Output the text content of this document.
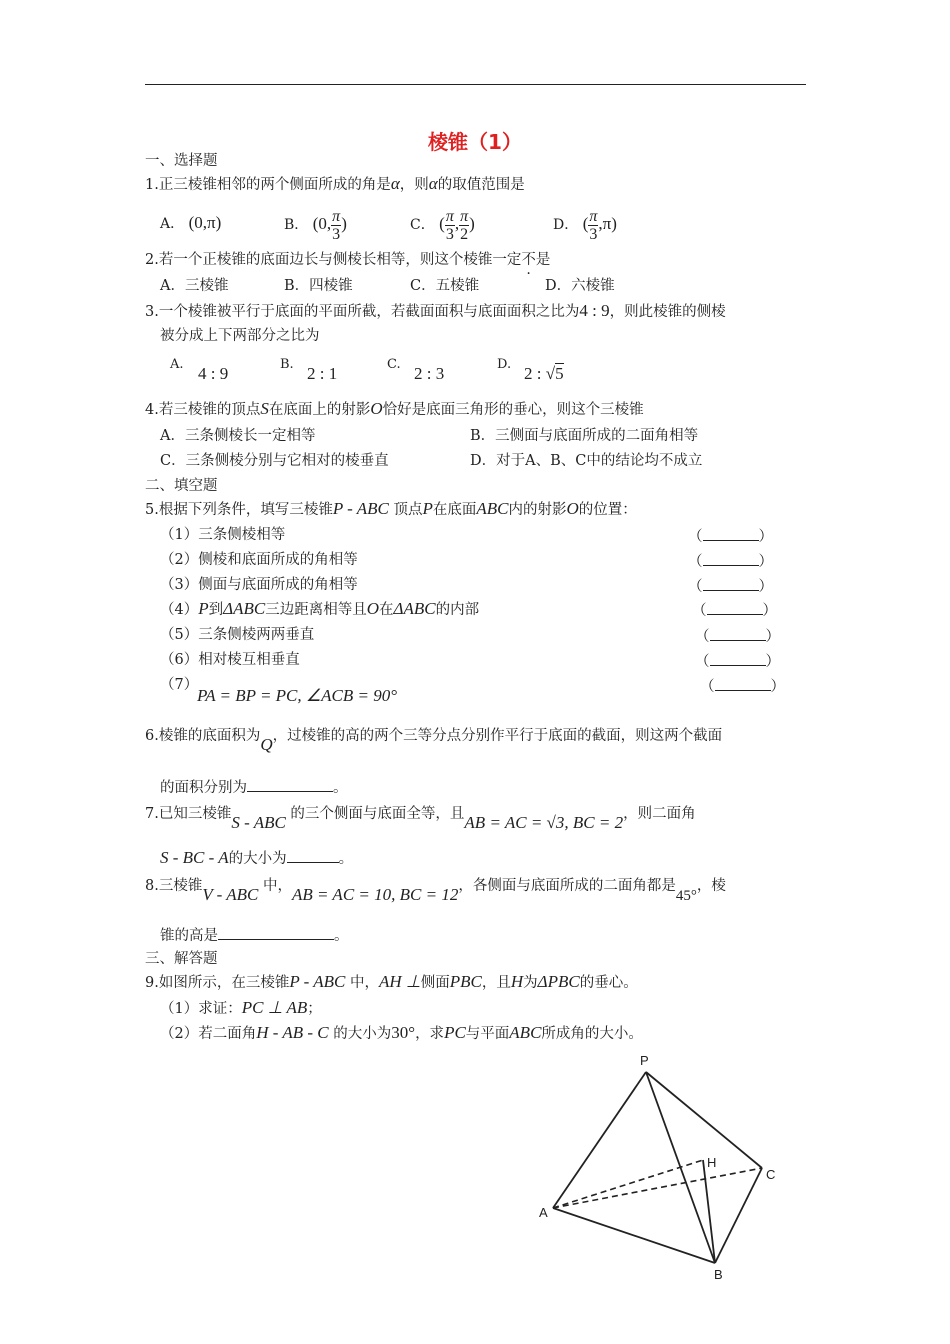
棱锥（1）
一、选择题
1.正三棱锥相邻的两个侧面所成的角是α，则α的取值范围是
A． (0,π)	B． (0, $\frac{\pi}{3}$ )	C． ( $\frac{\pi}{3}$ , $\frac{\pi}{2}$ )	D． ( $\frac{\pi}{3} ,\pi$)
2.若一个正棱锥的底面边长与侧棱长相等，则这个棱锥一定不是
A．三棱锥	B．四棱锥	C．五棱锥	D．六棱锥
3.一个棱锥被平行于底面的平面所截，若截面面积与底面面积之比为4 : 9，则此棱锥的侧棱
被分成上下两部分之比为
A. 4 : 9	B. 2 : 1	C. 2 : 3	D. 2 : √5
4.若三棱锥的顶点S在底面上的射影O恰好是底面三角形的垂心，则这个三棱锥
A．三条侧棱长一定相等	B．三侧面与底面所成的二面角相等
C．三条侧棱分别与它相对的棱垂直	D．对于A、B、C中的结论均不成立
二、填空题
5.根据下列条件，填写三棱锥P - ABC 顶点P在底面ABC内的射影O的位置：
（1）三条侧棱相等	（	）
（2）侧棱和底面所成的角相等	（	）
（3）侧面与底面所成的角相等	（	）
（4）P到ΔABC三边距离相等且O在ΔABC的内部	（	）
（5）三条侧棱两两垂直	（	）
（6）相对棱互相垂直	（	）
（7）
PA = BP = PC, ∠ACB = 90°	（	）
6.棱锥的底面积为Q，过棱锥的高的两个三等分点分别作平行于底面的截面，则这两个截面
的面积分别为	。
7.已知三棱锥S - ABC 的三个侧面与底面全等，且AB = AC = √3, BC = 2，则二面角
S - BC - A的大小为	。
8.三棱锥V - ABC 中，AB = AC = 10, BC = 12，各侧面与底面所成的二面角都是45°，棱
锥的高是	。
三、解答题
9.如图所示，在三棱锥P - ABC 中，AH ⊥侧面PBC，且H为ΔPBC的垂心。
（1）求证：PC ⊥ AB；
（2）若二面角H - AB - C 的大小为30°，求PC与平面ABC所成角的大小。
P
H
C
A
B
